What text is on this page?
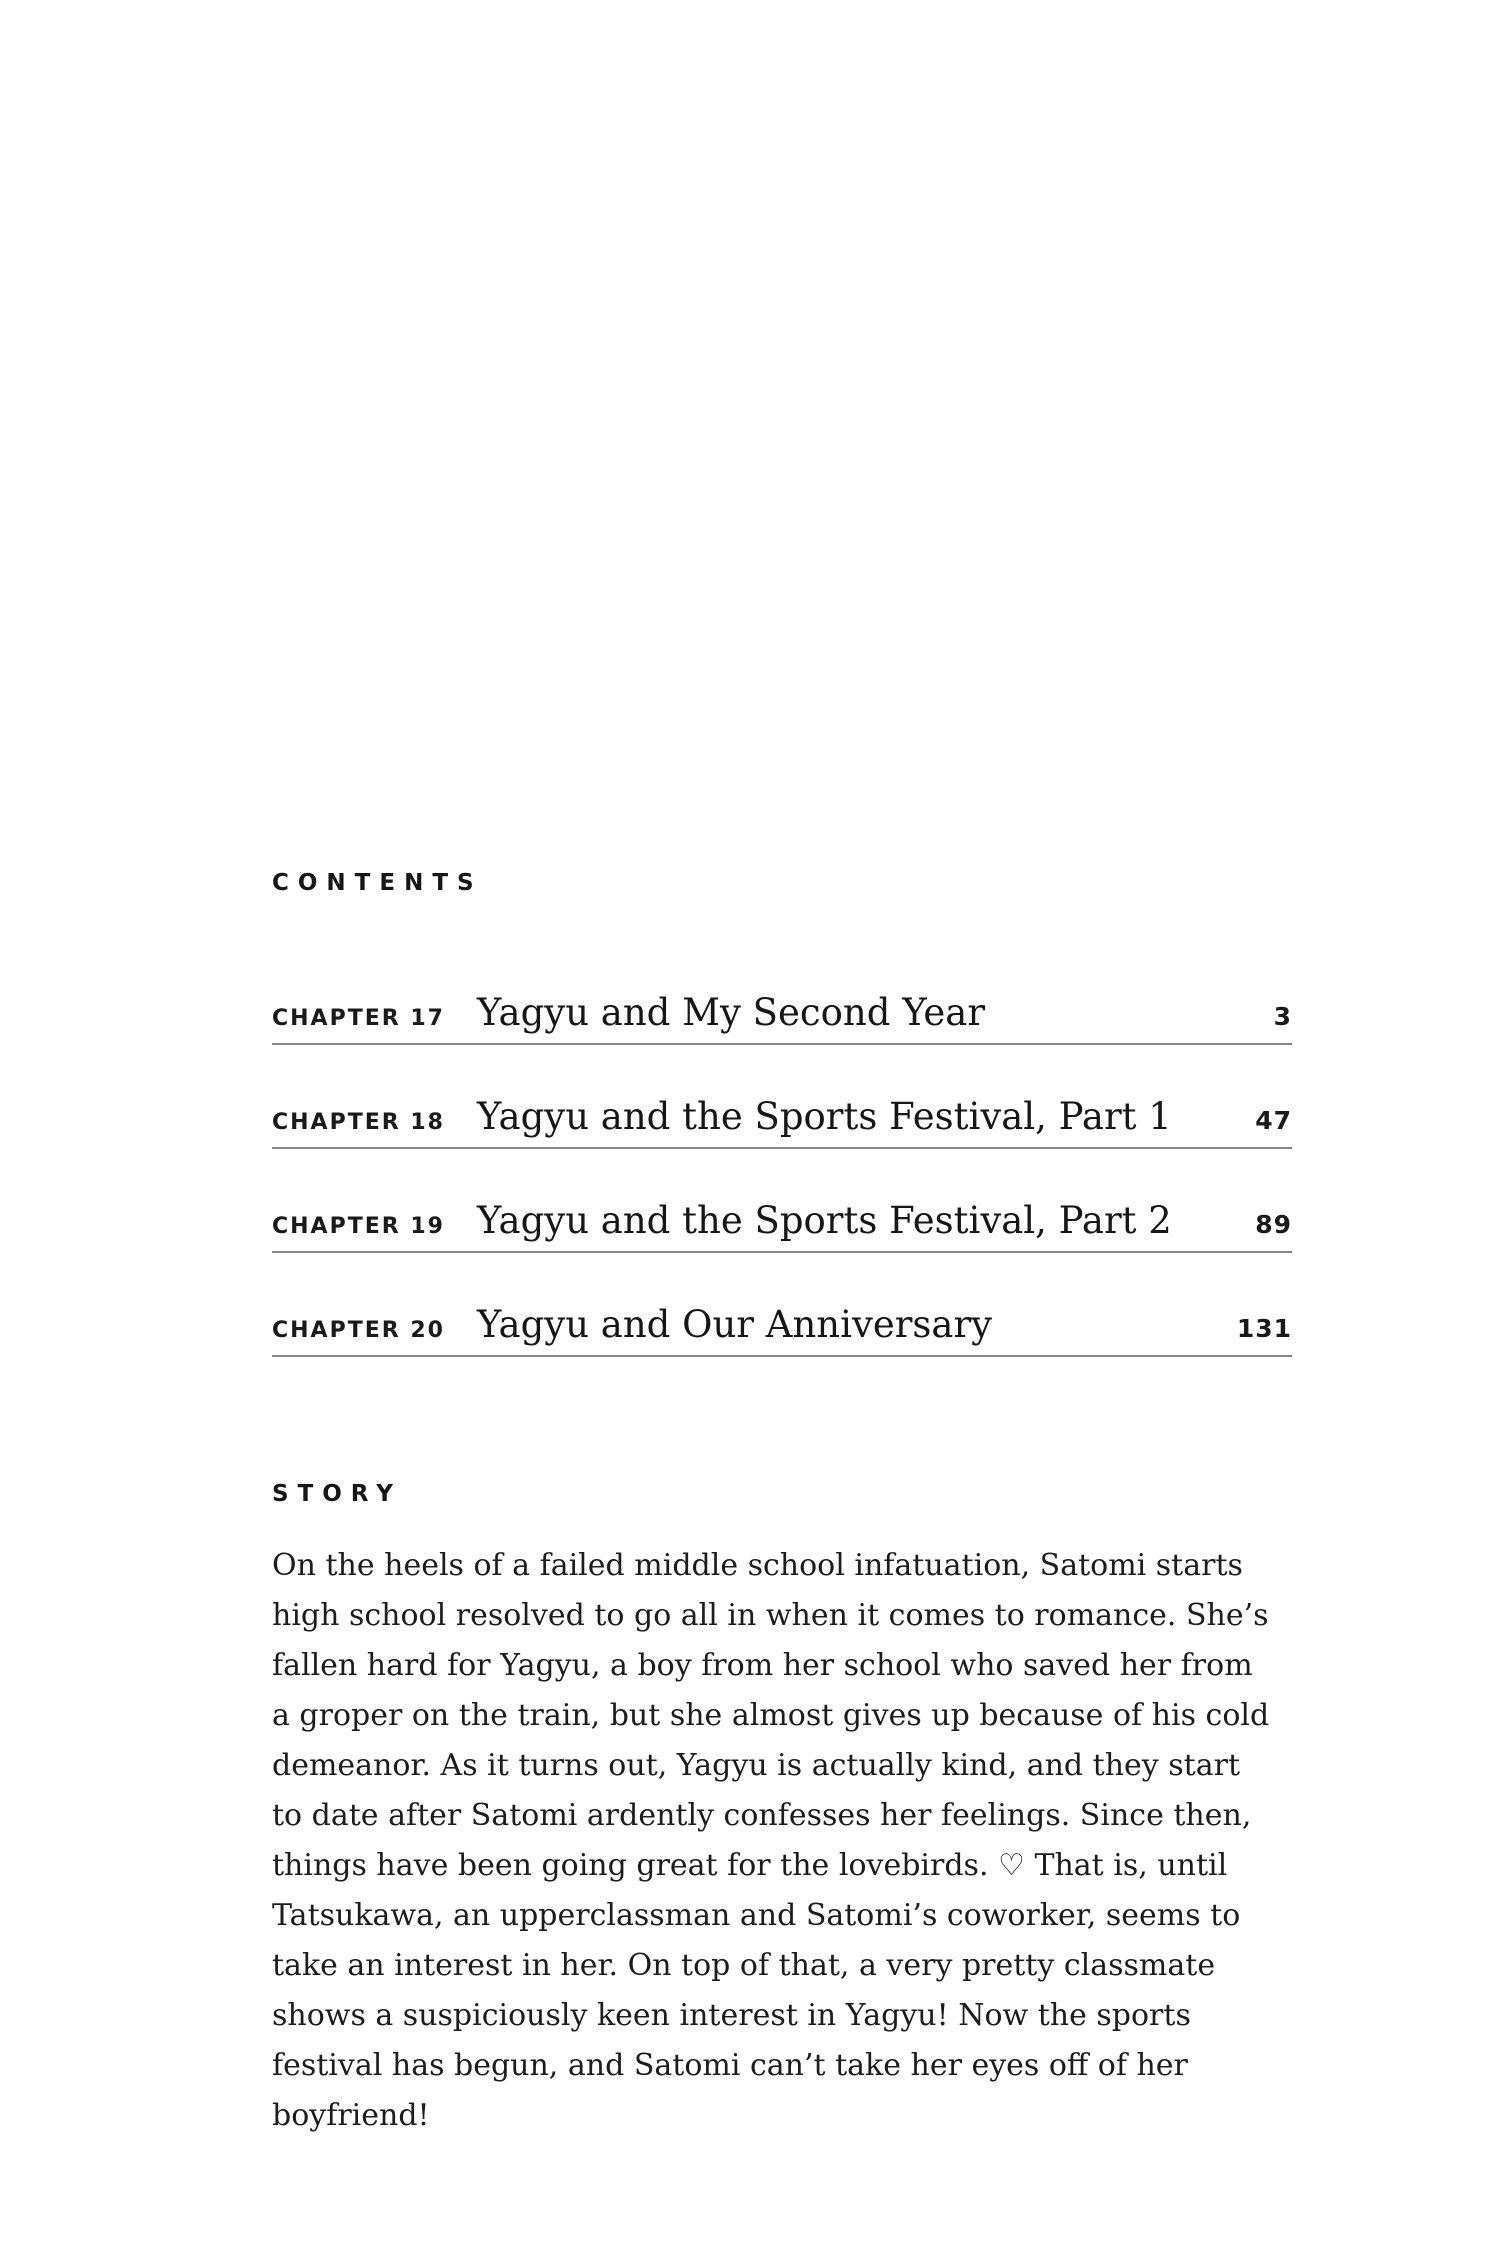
CONTENTS
CHAPTER 17 Yagyu and My Second Year	3
CHAPTER 18 Yagyu and the Sports Festival, Part 1	47
CHAPTER 19 Yagyu and the Sports Festival, Part 2	89
CHAPTER 20 Yagyu and Our Anniversary	131
STORY
On the heels of a failed middle school infatuation, Satomi starts
high school resolved to go all in when it comes to romance. She’s
fallen hard for Yagyu, a boy from her school who saved her from
a groper on the train, but she almost gives up because of his cold
demeanor. As it turns out, Yagyu is actually kind, and they start
to date after Satomi ardently confesses her feelings. Since then,
things have been going great for the lovebirds. ♡ That is, until
Tatsukawa, an upperclassman and Satomi’s coworker, seems to
take an interest in her. On top of that, a very pretty classmate
shows a suspiciously keen interest in Yagyu! Now the sports
festival has begun, and Satomi can’t take her eyes off of her
boyfriend!
